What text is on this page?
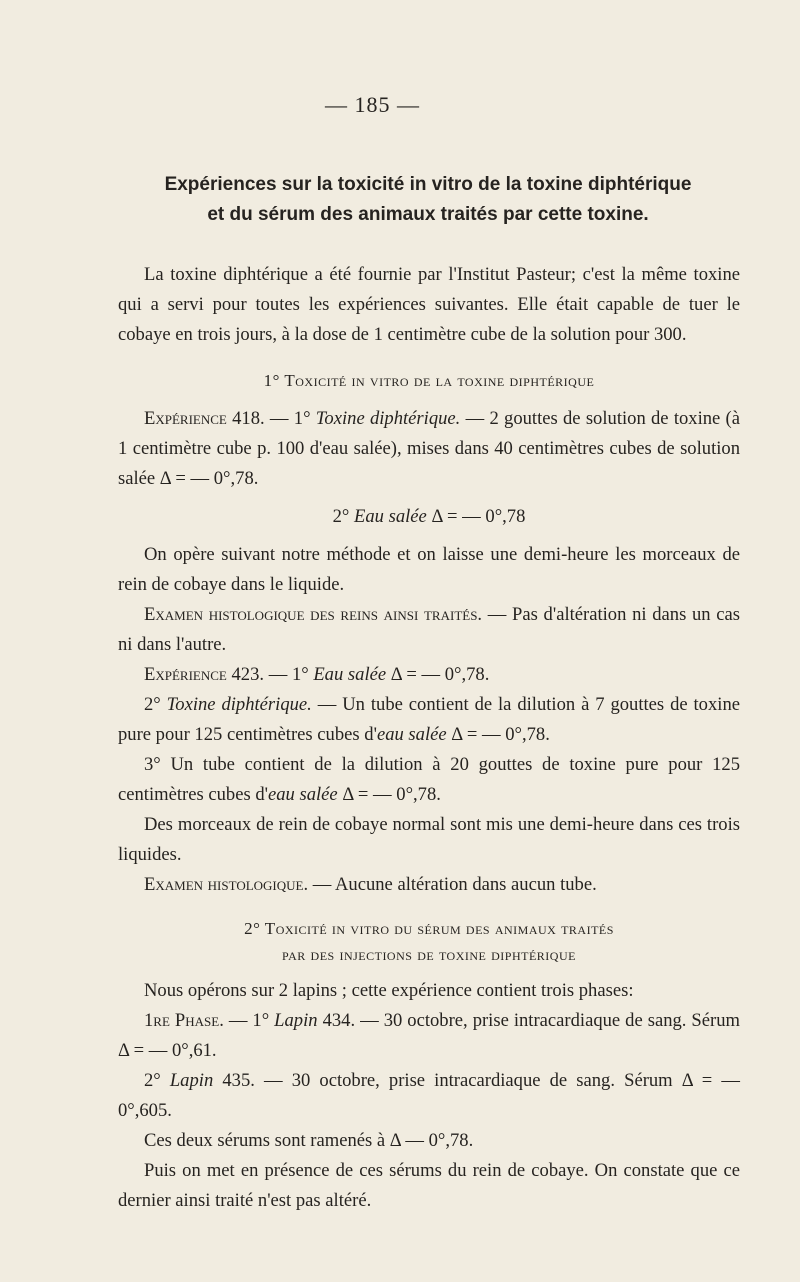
— 185 —
Expériences sur la toxicité in vitro de la toxine diphtérique
et du sérum des animaux traités par cette toxine.

La toxine diphtérique a été fournie par l'Institut Pasteur; c'est la même toxine qui a servi pour toutes les expériences suivantes. Elle était capable de tuer le cobaye en trois jours, à la dose de 1 centimètre cube de la solution pour 300.

1° Toxicité in vitro de la toxine diphtérique

Expérience 418. — 1° Toxine diphtérique. — 2 gouttes de solution de toxine (à 1 centimètre cube p. 100 d'eau salée), mises dans 40 centimètres cubes de solution salée Δ = — 0°,78.

2° Eau salée Δ = — 0°,78

On opère suivant notre méthode et on laisse une demi-heure les morceaux de rein de cobaye dans le liquide.

Examen histologique des reins ainsi traités. — Pas d'altération ni dans un cas ni dans l'autre.

Expérience 423. — 1° Eau salée Δ = — 0°,78.

2° Toxine diphtérique. — Un tube contient de la dilution à 7 gouttes de toxine pure pour 125 centimètres cubes d'eau salée Δ = — 0°,78.

3° Un tube contient de la dilution à 20 gouttes de toxine pure pour 125 centimètres cubes d'eau salée Δ = — 0°,78.

Des morceaux de rein de cobaye normal sont mis une demi-heure dans ces trois liquides.

Examen histologique. — Aucune altération dans aucun tube.

2° Toxicité in vitro du sérum des animaux traités
par des injections de toxine diphtérique

Nous opérons sur 2 lapins ; cette expérience contient trois phases:

1re Phase. — 1° Lapin 434. — 30 octobre, prise intracardiaque de sang. Sérum Δ = — 0°,61.

2° Lapin 435. — 30 octobre, prise intracardiaque de sang. Sérum Δ = — 0°,605.

Ces deux sérums sont ramenés à Δ — 0°,78.

Puis on met en présence de ces sérums du rein de cobaye. On constate que ce dernier ainsi traité n'est pas altéré.
